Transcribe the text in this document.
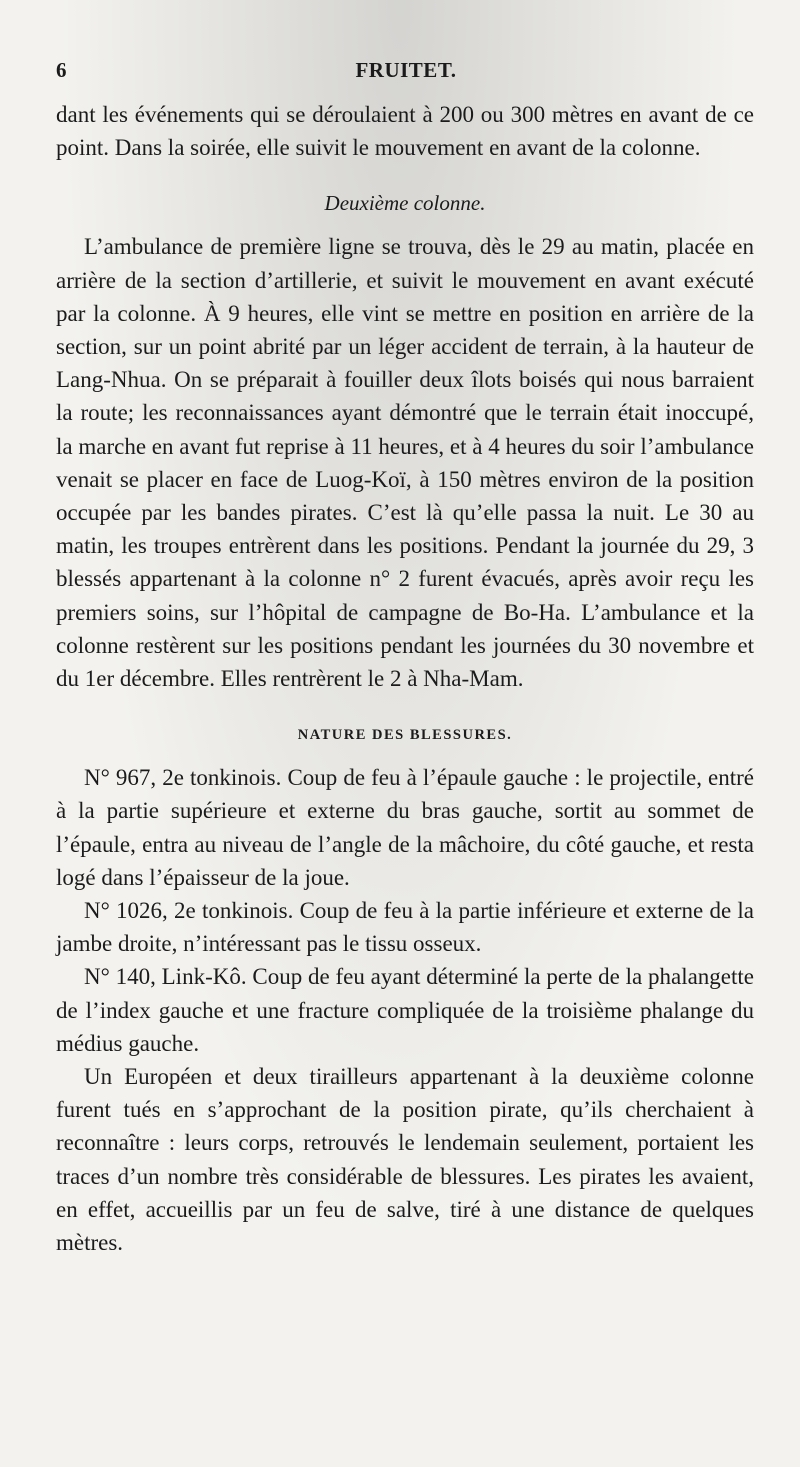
6	FRUITET.

dant les événements qui se déroulaient à 200 ou 300 mètres en avant de ce point. Dans la soirée, elle suivit le mouvement en avant de la colonne.

Deuxième colonne.

L’ambulance de première ligne se trouva, dès le 29 au matin, placée en arrière de la section d’artillerie, et suivit le mouvement en avant exécuté par la colonne. À 9 heures, elle vint se mettre en position en arrière de la section, sur un point abrité par un léger accident de terrain, à la hauteur de Lang-Nhua. On se préparait à fouiller deux îlots boisés qui nous barraient la route; les reconnaissances ayant démontré que le terrain était inoccupé, la marche en avant fut reprise à 11 heures, et à 4 heures du soir l’ambulance venait se placer en face de Luog-Koï, à 150 mètres environ de la position occupée par les bandes pirates. C’est là qu’elle passa la nuit. Le 30 au matin, les troupes entrèrent dans les positions. Pendant la journée du 29, 3 blessés appartenant à la colonne n° 2 furent évacués, après avoir reçu les premiers soins, sur l’hôpital de campagne de Bo-Ha. L’ambulance et la colonne restèrent sur les positions pendant les journées du 30 novembre et du 1er décembre. Elles rentrèrent le 2 à Nha-Mam.

NATURE DES BLESSURES.

N° 967, 2e tonkinois. Coup de feu à l’épaule gauche : le projectile, entré à la partie supérieure et externe du bras gauche, sortit au sommet de l’épaule, entra au niveau de l’angle de la mâchoire, du côté gauche, et resta logé dans l’épaisseur de la joue.

N° 1026, 2e tonkinois. Coup de feu à la partie inférieure et externe de la jambe droite, n’intéressant pas le tissu osseux.

N° 140, Link-Kô. Coup de feu ayant déterminé la perte de la phalangette de l’index gauche et une fracture compliquée de la troisième phalange du médius gauche.

Un Européen et deux tirailleurs appartenant à la deuxième colonne furent tués en s’approchant de la position pirate, qu’ils cherchaient à reconnaître : leurs corps, retrouvés le lendemain seulement, portaient les traces d’un nombre très considérable de blessures. Les pirates les avaient, en effet, accueillis par un feu de salve, tiré à une distance de quelques mètres.
